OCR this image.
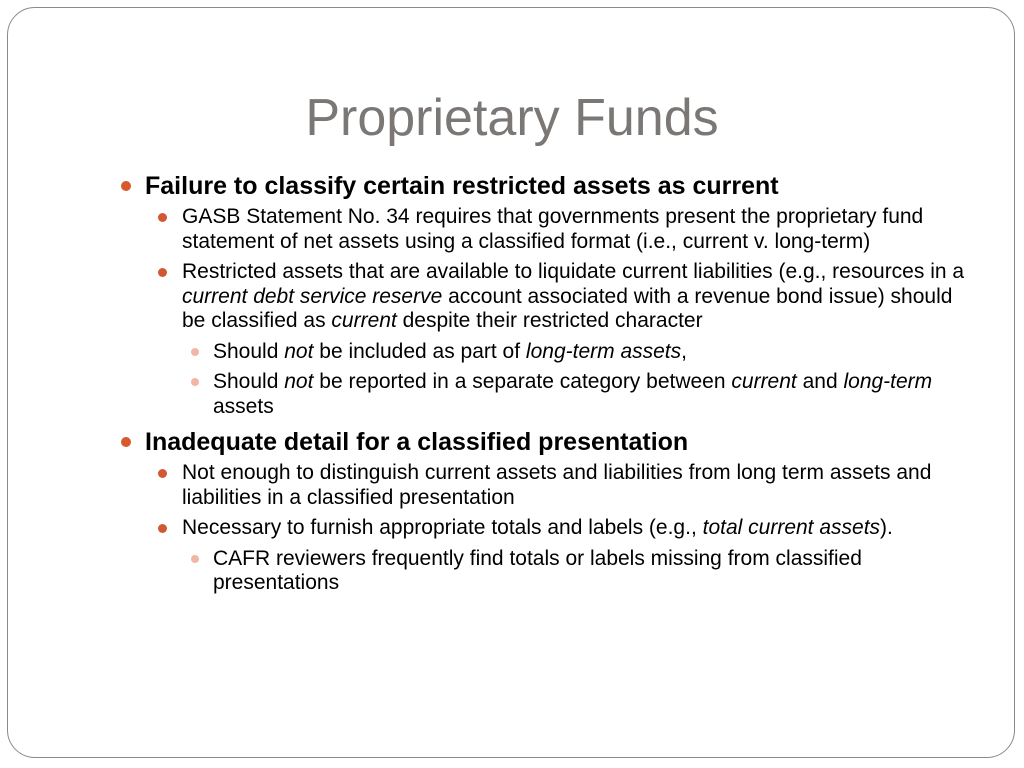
Proprietary Funds
Failure to classify certain restricted assets as current
GASB Statement No. 34 requires that governments present the proprietary fund statement of net assets using a classified format (i.e., current v. long-term)
Restricted assets that are available to liquidate current liabilities (e.g., resources in a current debt service reserve account associated with a revenue bond issue) should be classified as current despite their restricted character
Should not be included as part of long-term assets,
Should not be reported in a separate category between current and long-term assets
Inadequate detail for a classified presentation
Not enough to distinguish current assets and liabilities from long term assets and liabilities in a classified presentation
Necessary to furnish appropriate totals and labels (e.g., total current assets).
CAFR reviewers frequently find totals or labels missing from classified presentations
